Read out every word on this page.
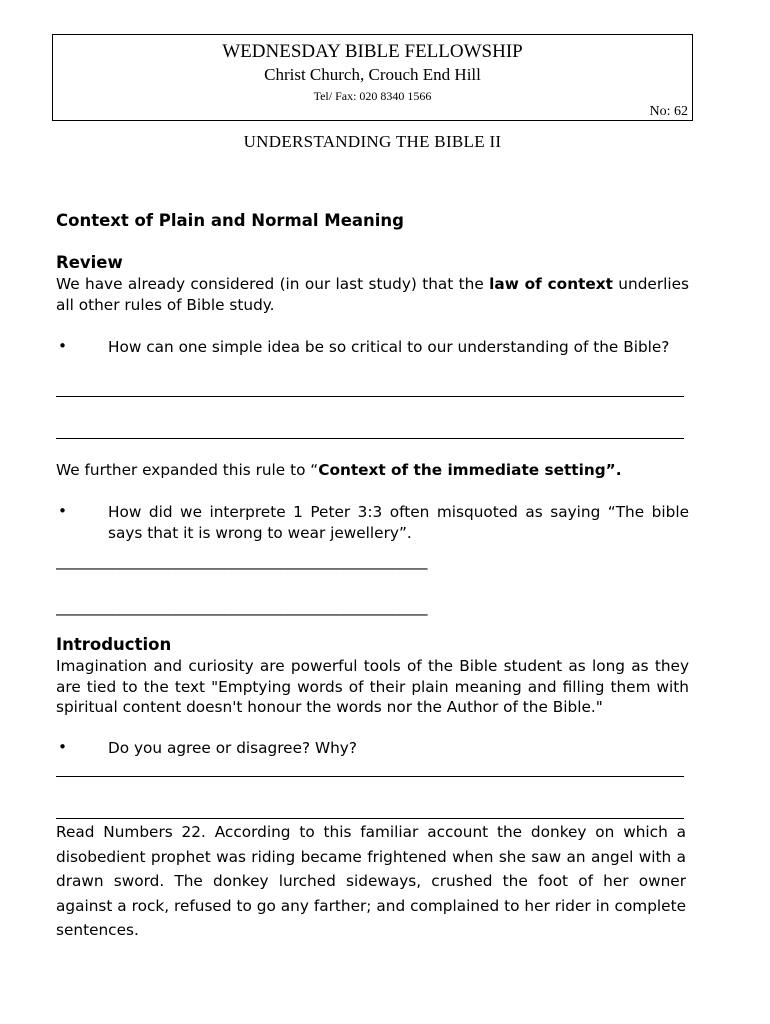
WEDNESDAY BIBLE FELLOWSHIP
Christ Church, Crouch End Hill
Tel/ Fax: 020 8340 1566
No: 62
UNDERSTANDING THE BIBLE II
Context of Plain and Normal Meaning
Review
We have already considered (in our last study) that the law of context underlies all other rules of Bible study.
•	How can one simple idea be so critical to our understanding of the Bible?
We further expanded this rule to “Context of the immediate setting”.
•	How did we interprete 1 Peter 3:3 often misquoted as saying “The bible says that it is wrong to wear jewellery”.
_____________________________________________________
_____________________________________________________
Introduction
Imagination and curiosity are powerful tools of the Bible student as long as they are tied to the text "Emptying words of their plain meaning and filling them with spiritual content doesn't honour the words nor the Author of the Bible."
•	Do you agree or disagree? Why?
Read Numbers 22. According to this familiar account the donkey on which a disobedient prophet was riding became frightened when she saw an angel with a drawn sword. The donkey lurched sideways, crushed the foot of her owner against a rock, refused to go any farther; and complained to her rider in complete sentences.
